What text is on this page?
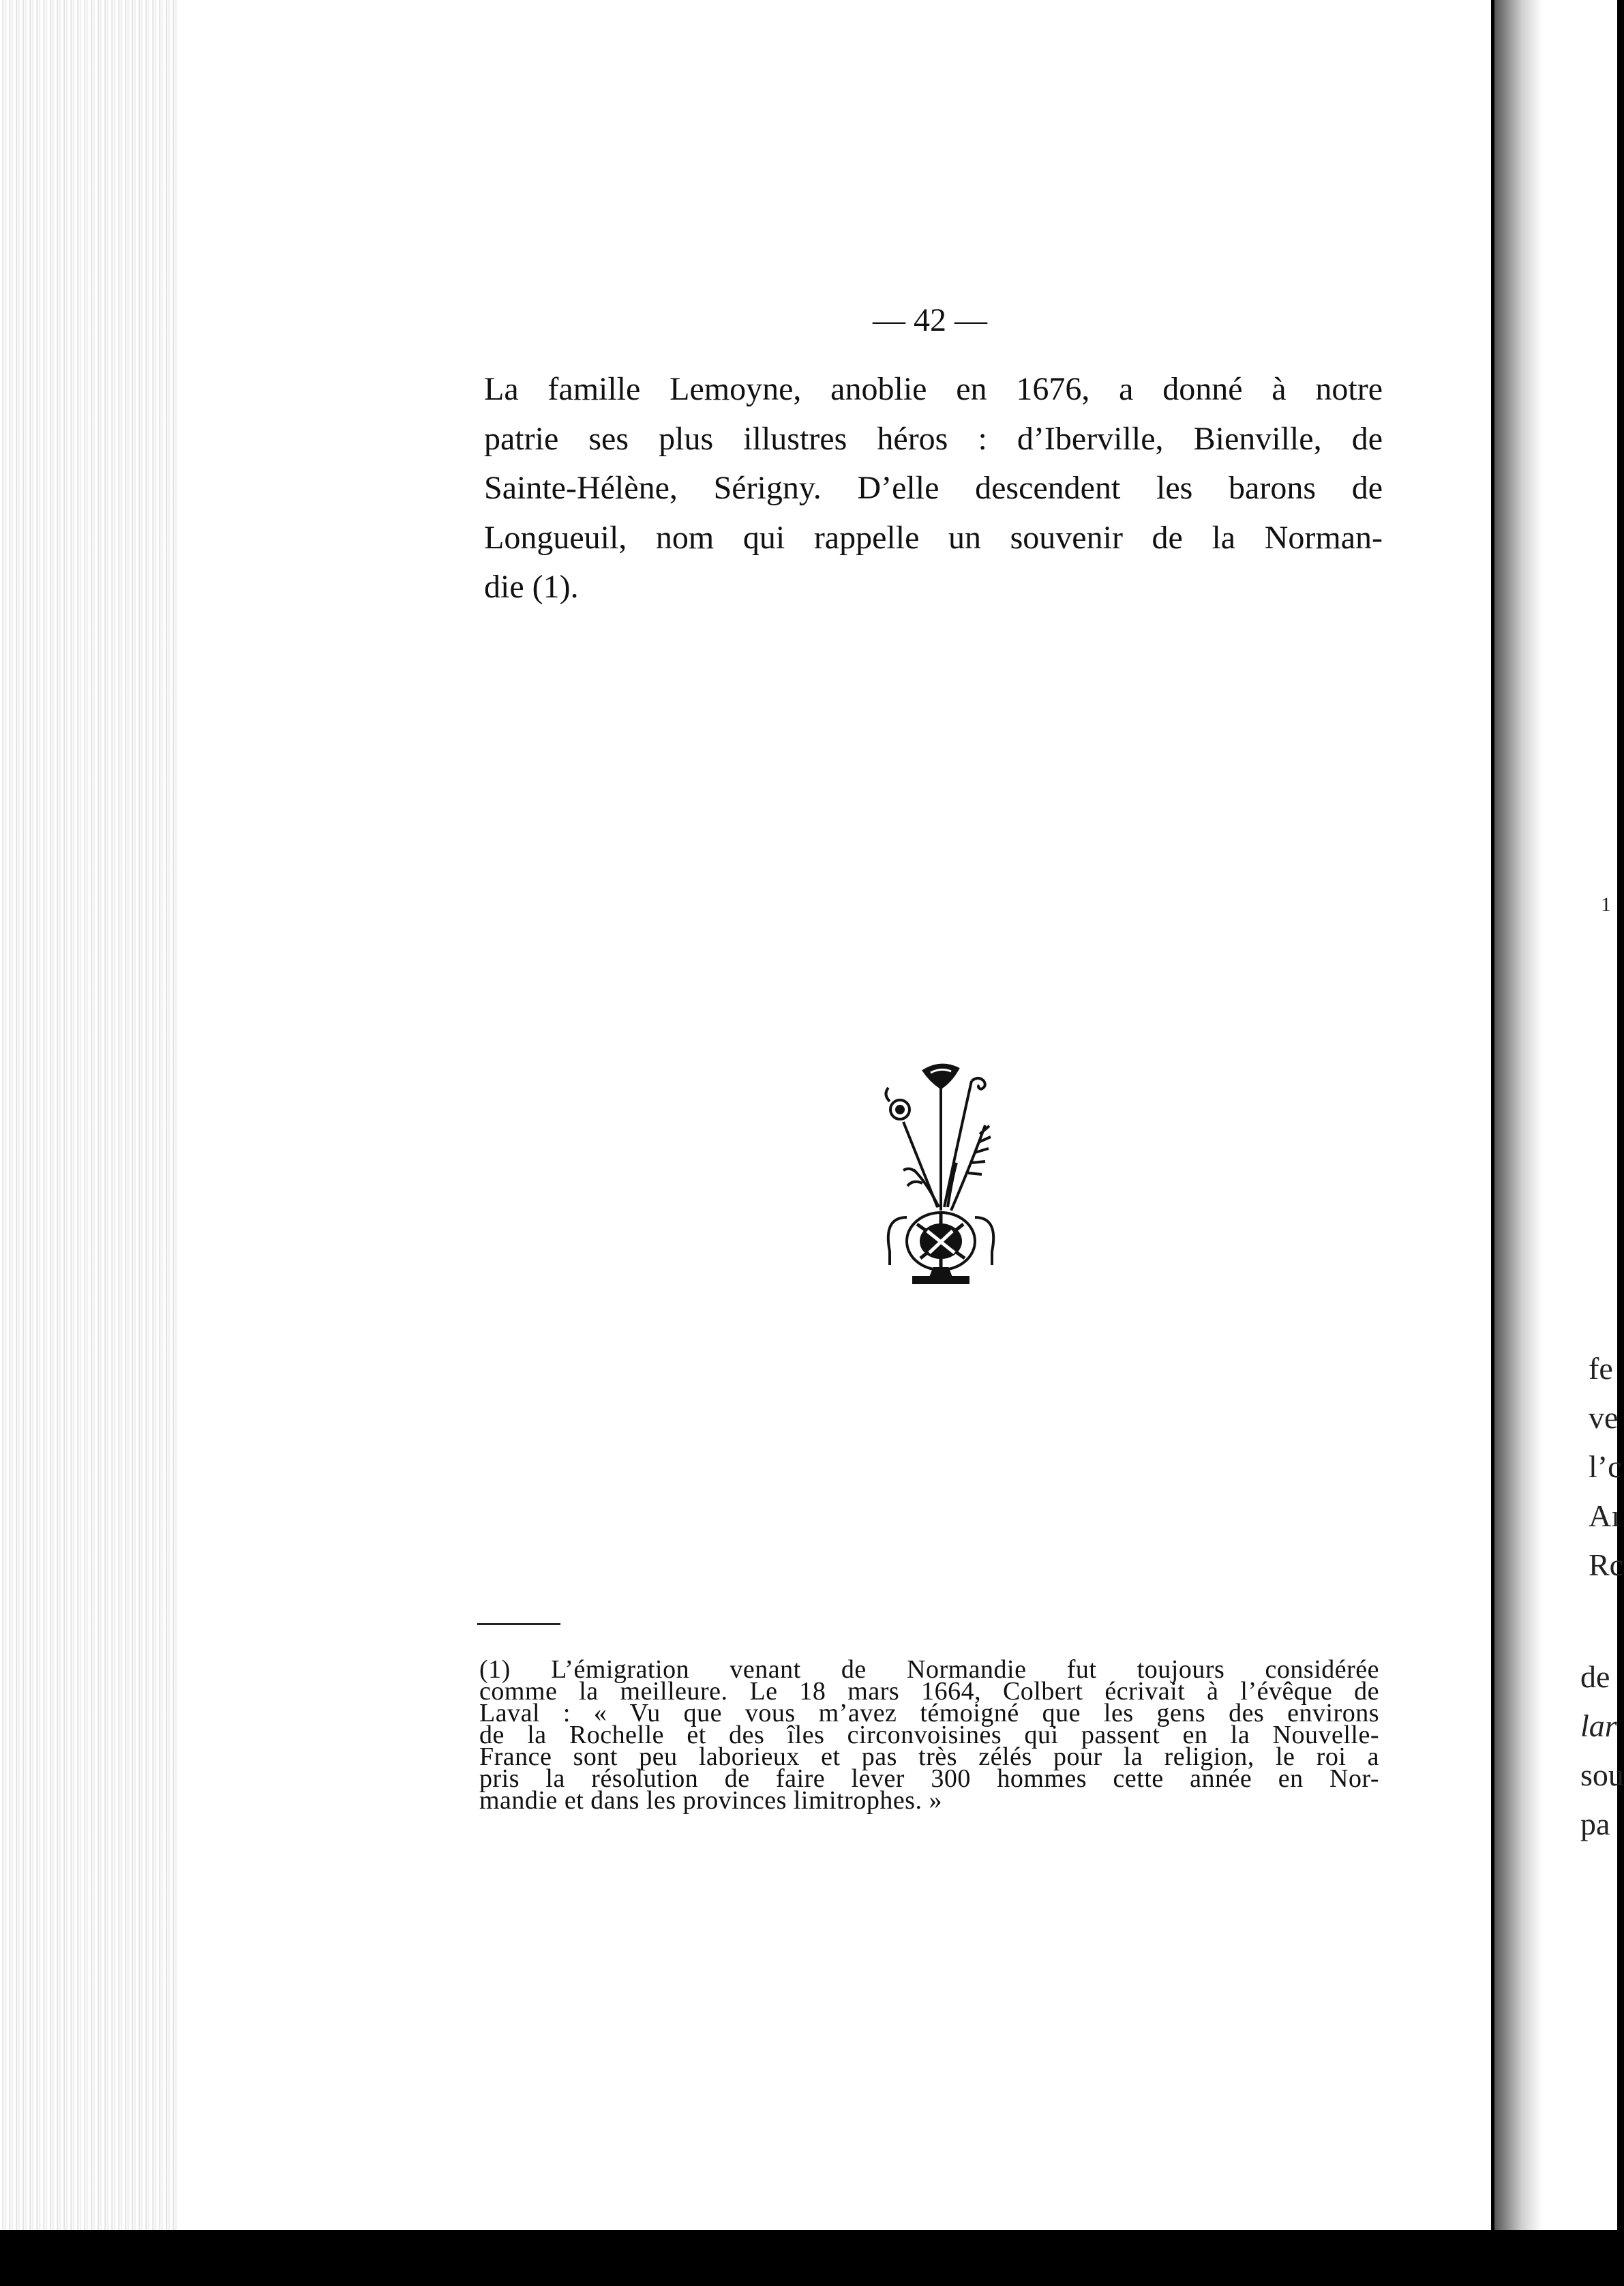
— 42 —
La famille Lemoyne, anoblie en 1676, a donné à notre
patrie ses plus illustres héros : d’Iberville, Bienville, de
Sainte-Hélène, Sérigny. D’elle descendent les barons de
Longueuil, nom qui rappelle un souvenir de la Norman-
die (1).
(1) L’émigration venant de Normandie fut toujours considérée
comme la meilleure. Le 18 mars 1664, Colbert écrivait à l’évêque de
Laval : « Vu que vous m’avez témoigné que les gens des environs
de la Rochelle et des îles circonvoisines qui passent en la Nouvelle-
France sont peu laborieux et pas très zélés pour la religion, le roi a
pris la résolution de faire lever 300 hommes cette année en Nor-
mandie et dans les provinces limitrophes. »
1
fe
ve
l’c
Aı
Rc
de
lar
sou
pa
